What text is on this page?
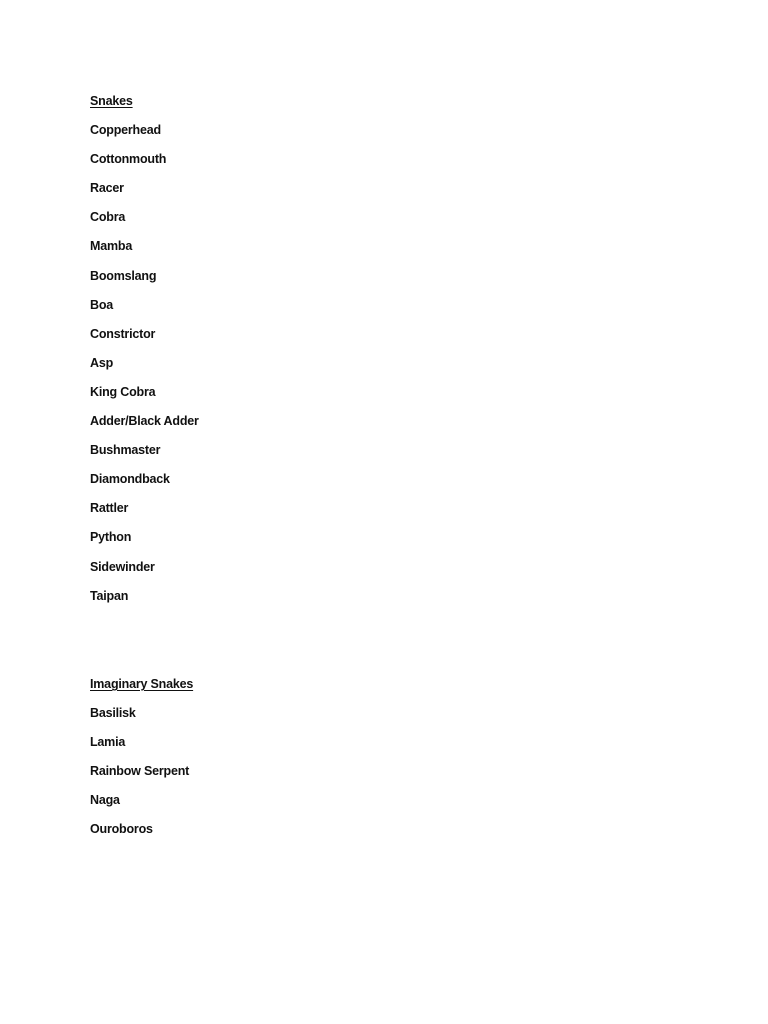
Snakes
Copperhead
Cottonmouth
Racer
Cobra
Mamba
Boomslang
Boa
Constrictor
Asp
King Cobra
Adder/Black Adder
Bushmaster
Diamondback
Rattler
Python
Sidewinder
Taipan
Imaginary Snakes
Basilisk
Lamia
Rainbow Serpent
Naga
Ouroboros
